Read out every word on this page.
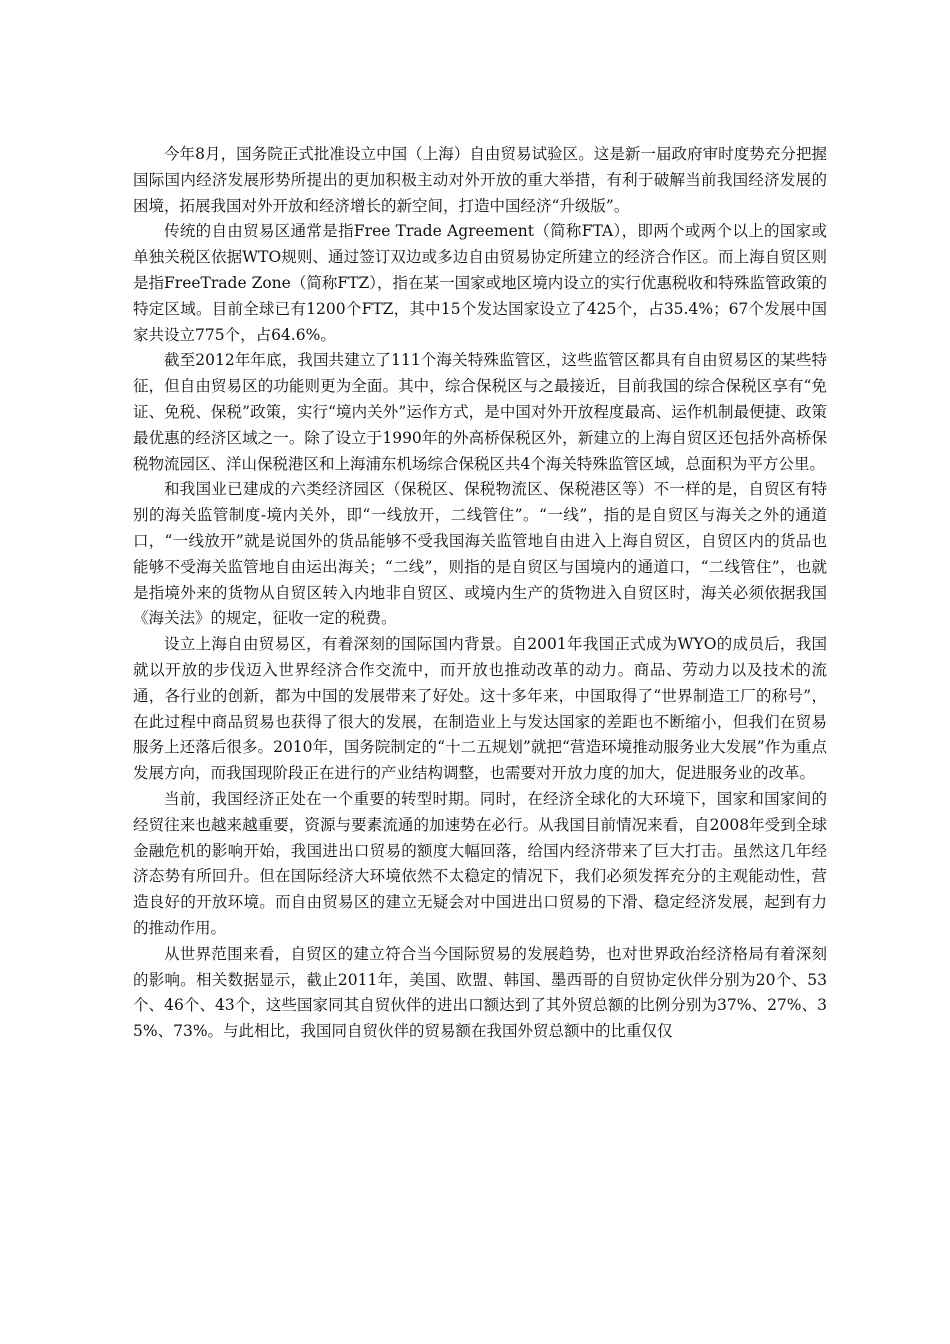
今年8月，国务院正式批准设立中国（上海）自由贸易试验区。这是新一届政府审时度势充分把握国际国内经济发展形势所提出的更加积极主动对外开放的重大举措，有利于破解当前我国经济发展的困境，拓展我国对外开放和经济增长的新空间，打造中国经济“升级版”。

传统的自由贸易区通常是指Free Trade Agreement（简称FTA），即两个或两个以上的国家或单独关税区依据WTO规则、通过签订双边或多边自由贸易协定所建立的经济合作区。而上海自贸区则是指FreeTrade Zone（简称FTZ），指在某一国家或地区境内设立的实行优惠税收和特殊监管政策的特定区域。目前全球已有1200个FTZ，其中15个发达国家设立了425个，占35.4%；67个发展中国家共设立775个，占64.6%。

截至2012年年底，我国共建立了111个海关特殊监管区，这些监管区都具有自由贸易区的某些特征，但自由贸易区的功能则更为全面。其中，综合保税区与之最接近，目前我国的综合保税区享有“免证、免税、保税”政策，实行“境内关外”运作方式，是中国对外开放程度最高、运作机制最便捷、政策最优惠的经济区域之一。除了设立于1990年的外高桥保税区外，新建立的上海自贸区还包括外高桥保税物流园区、洋山保税港区和上海浦东机场综合保税区共4个海关特殊监管区域，总面积为平方公里。

和我国业已建成的六类经济园区（保税区、保税物流区、保税港区等）不一样的是，自贸区有特别的海关监管制度-境内关外，即“一线放开，二线管住”。“一线”，指的是自贸区与海关之外的通道口，“一线放开”就是说国外的货品能够不受我国海关监管地自由进入上海自贸区，自贸区内的货品也能够不受海关监管地自由运出海关；“二线”，则指的是自贸区与国境内的通道口，“二线管住”，也就是指境外来的货物从自贸区转入内地非自贸区、或境内生产的货物进入自贸区时，海关必须依据我国《海关法》的规定，征收一定的税费。

设立上海自由贸易区，有着深刻的国际国内背景。自2001年我国正式成为WYO的成员后，我国就以开放的步伐迈入世界经济合作交流中，而开放也推动改革的动力。商品、劳动力以及技术的流通，各行业的创新，都为中国的发展带来了好处。这十多年来，中国取得了“世界制造工厂的称号”，在此过程中商品贸易也获得了很大的发展，在制造业上与发达国家的差距也不断缩小，但我们在贸易服务上还落后很多。2010年，国务院制定的“十二五规划”就把“营造环境推动服务业大发展”作为重点发展方向，而我国现阶段正在进行的产业结构调整，也需要对开放力度的加大，促进服务业的改革。

当前，我国经济正处在一个重要的转型时期。同时，在经济全球化的大环境下，国家和国家间的经贸往来也越来越重要，资源与要素流通的加速势在必行。从我国目前情况来看，自2008年受到全球金融危机的影响开始，我国进出口贸易的额度大幅回落，给国内经济带来了巨大打击。虽然这几年经济态势有所回升。但在国际经济大环境依然不太稳定的情况下，我们必须发挥充分的主观能动性，营造良好的开放环境。而自由贸易区的建立无疑会对中国进出口贸易的下滑、稳定经济发展，起到有力的推动作用。

从世界范围来看，自贸区的建立符合当今国际贸易的发展趋势，也对世界政治经济格局有着深刻的影响。相关数据显示，截止2011年，美国、欧盟、韩国、墨西哥的自贸协定伙伴分别为20个、53个、46个、43个，这些国家同其自贸伙伴的进出口额达到了其外贸总额的比例分别为37%、27%、35%、73%。与此相比，我国同自贸伙伴的贸易额在我国外贸总额中的比重仅仅
